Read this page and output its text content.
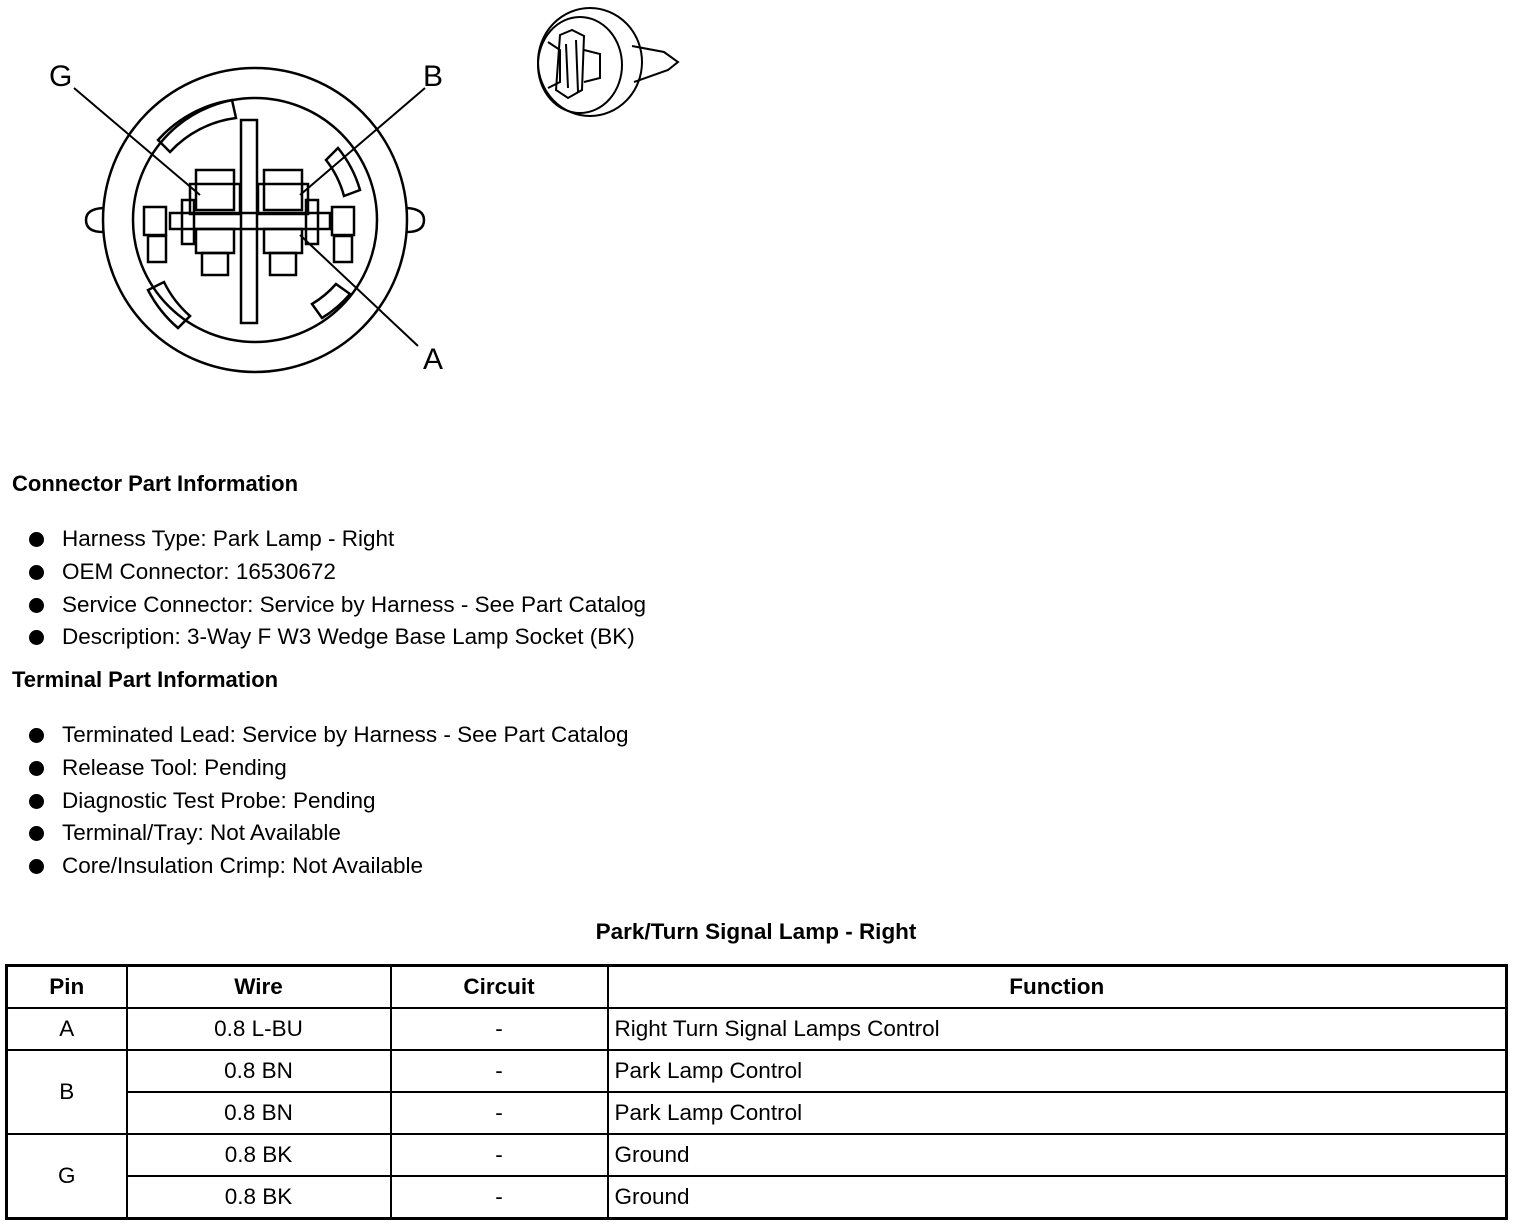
G	B
A
Connector Part Information
Harness Type: Park Lamp - Right
OEM Connector: 16530672
Service Connector: Service by Harness - See Part Catalog
Description: 3-Way F W3 Wedge Base Lamp Socket (BK)
Terminal Part Information
Terminated Lead: Service by Harness - See Part Catalog
Release Tool: Pending
Diagnostic Test Probe: Pending
Terminal/Tray: Not Available
Core/Insulation Crimp: Not Available
Park/Turn Signal Lamp - Right
Pin	Wire	Circuit	Function
A	0.8 L-BU	-	Right Turn Signal Lamps Control
B	0.8 BN	-	Park Lamp Control
	0.8 BN	-	Park Lamp Control
G	0.8 BK	-	Ground
	0.8 BK	-	Ground
